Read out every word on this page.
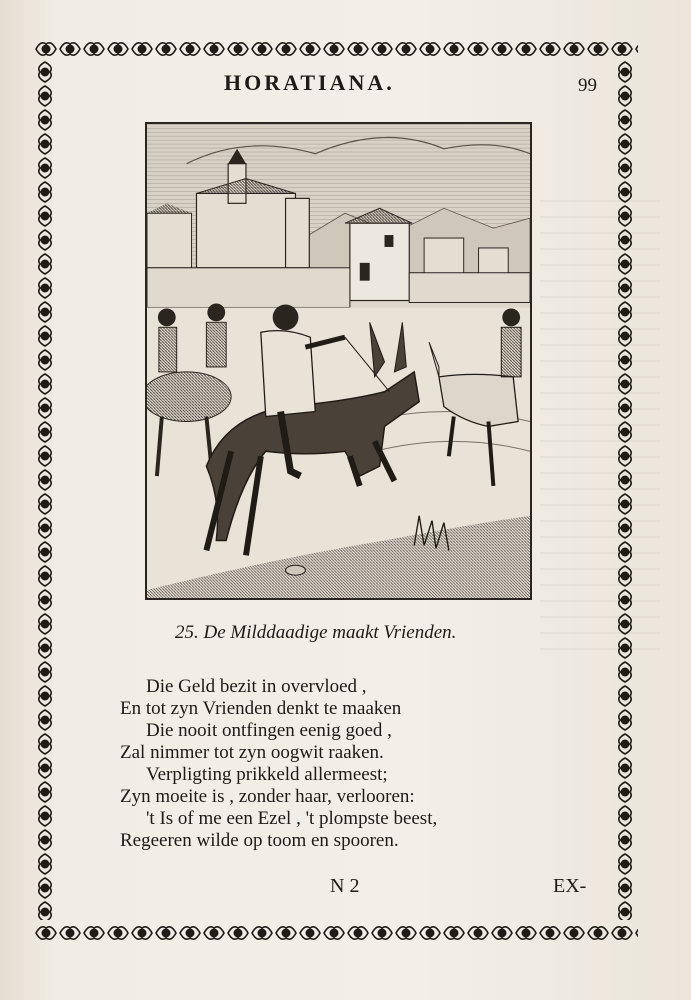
HORATIANA.	99
25. De Milddaadige maakt Vrienden.
Die Geld bezit in overvloed ,
En tot zyn Vrienden denkt te maaken
Die nooit ontfingen eenig goed ,
Zal nimmer tot zyn oogwit raaken.
Verpligting prikkeld allermeest;
Zyn moeite is , zonder haar, verlooren:
't Is of me een Ezel , 't plompste beest,
Regeeren wilde op toom en spooren.
N 2	EX-
